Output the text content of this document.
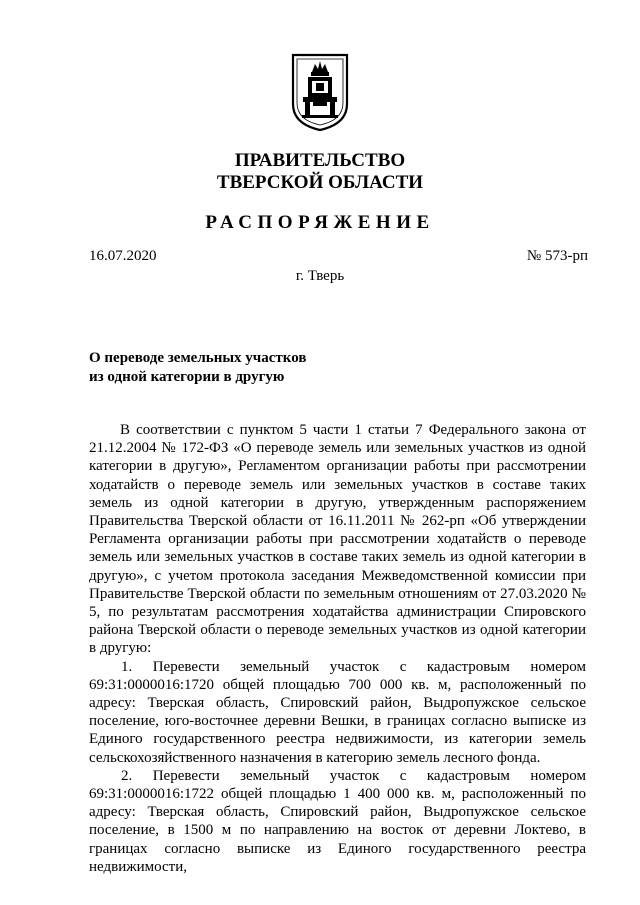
ПРАВИТЕЛЬСТВО
ТВЕРСКОЙ ОБЛАСТИ
РАСПОРЯЖЕНИЕ
16.07.2020	№ 573-рп
г. Тверь
О переводе земельных участков
из одной категории в другую

В соответствии с пунктом 5 части 1 статьи 7 Федерального закона от 21.12.2004 № 172-ФЗ «О переводе земель или земельных участков из одной категории в другую», Регламентом организации работы при рассмотрении ходатайств о переводе земель или земельных участков в составе таких земель из одной категории в другую, утвержденным распоряжением Правительства Тверской области от 16.11.2011 № 262-рп «Об утверждении Регламента организации работы при рассмотрении ходатайств о переводе земель или земельных участков в составе таких земель из одной категории в другую», с учетом протокола заседания Межведомственной комиссии при Правительстве Тверской области по земельным отношениям от 27.03.2020 № 5, по результатам рассмотрения ходатайства администрации Спировского района Тверской области о переводе земельных участков из одной категории в другую:

1. Перевести земельный участок с кадастровым номером 69:31:0000016:1720 общей площадью 700 000 кв. м, расположенный по адресу: Тверская область, Спировский район, Выдропужское сельское поселение, юго-восточнее деревни Вешки, в границах согласно выписке из Единого государственного реестра недвижимости, из категории земель сельскохозяйственного назначения в категорию земель лесного фонда.

2. Перевести земельный участок с кадастровым номером 69:31:0000016:1722 общей площадью 1 400 000 кв. м, расположенный по адресу: Тверская область, Спировский район, Выдропужское сельское поселение, в 1500 м по направлению на восток от деревни Локтево, в границах согласно выписке из Единого государственного реестра недвижимости,
